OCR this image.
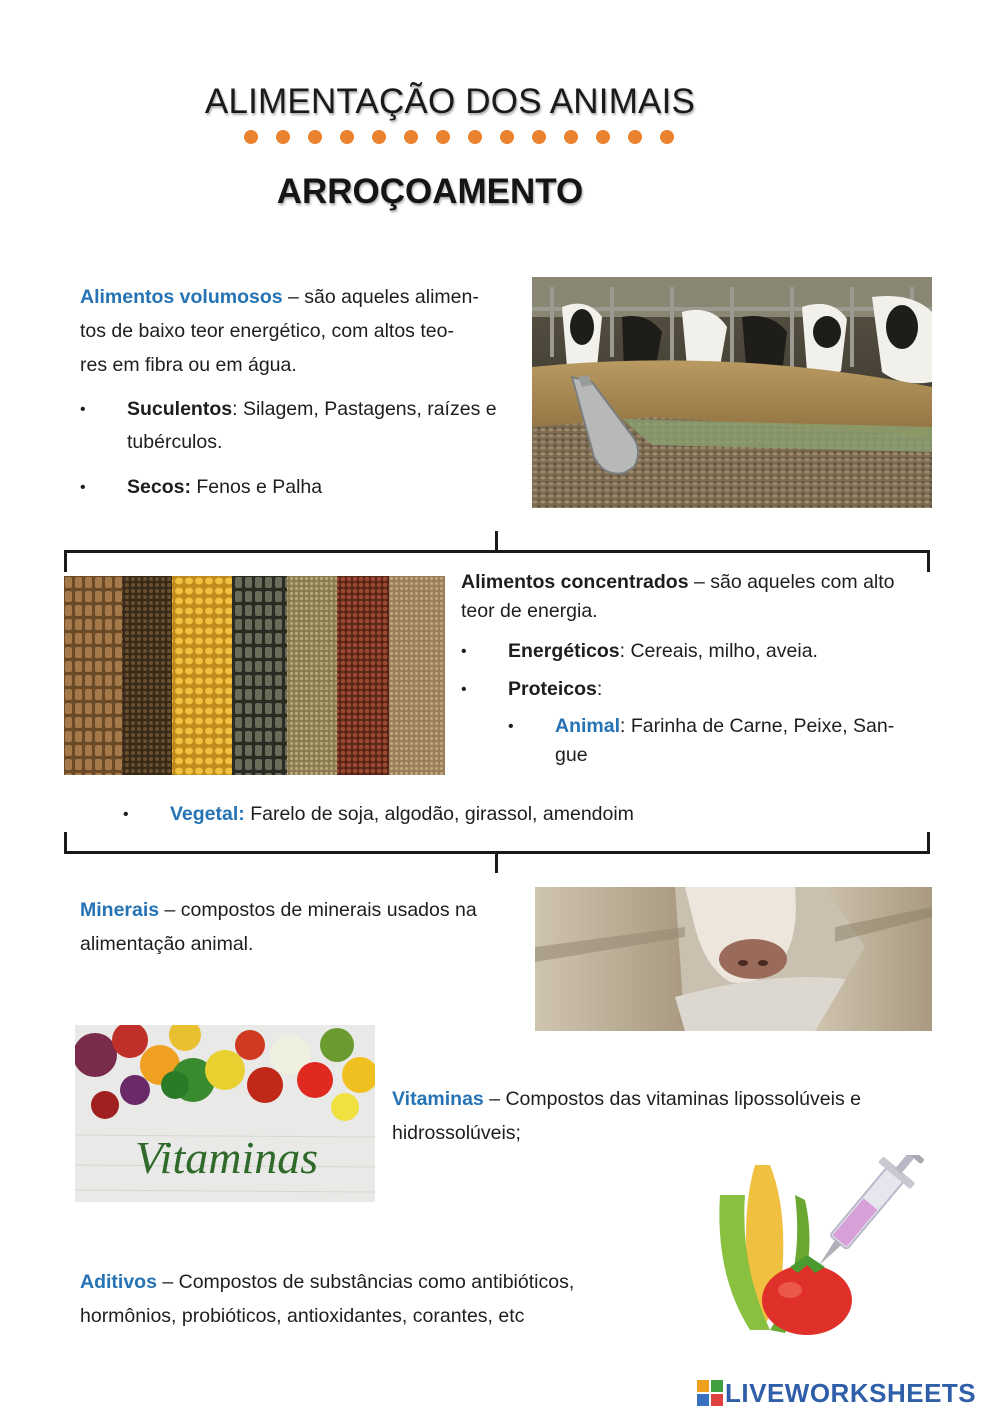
ALIMENTAÇÃO DOS ANIMAIS
ARROÇOAMENTO
Alimentos volumosos – são aqueles alimen-
tos de baixo teor energético, com altos teo-
res em fibra ou em água.
• Suculentos: Silagem, Pastagens, raízes e
tubérculos.
• Secos: Fenos e Palha
Alimentos concentrados – são aqueles com alto
teor de energia.
• Energéticos: Cereais, milho, aveia.
• Proteicos:
• Animal: Farinha de Carne, Peixe, San-
gue
• Vegetal: Farelo de soja, algodão, girassol, amendoim
Minerais – compostos de minerais usados na
alimentação animal.
Vitaminas
Vitaminas – Compostos das vitaminas lipossolúveis e
hidrossolúveis;
Aditivos – Compostos de substâncias como antibióticos,
hormônios, probióticos, antioxidantes, corantes, etc
LIVEWORKSHEETS
